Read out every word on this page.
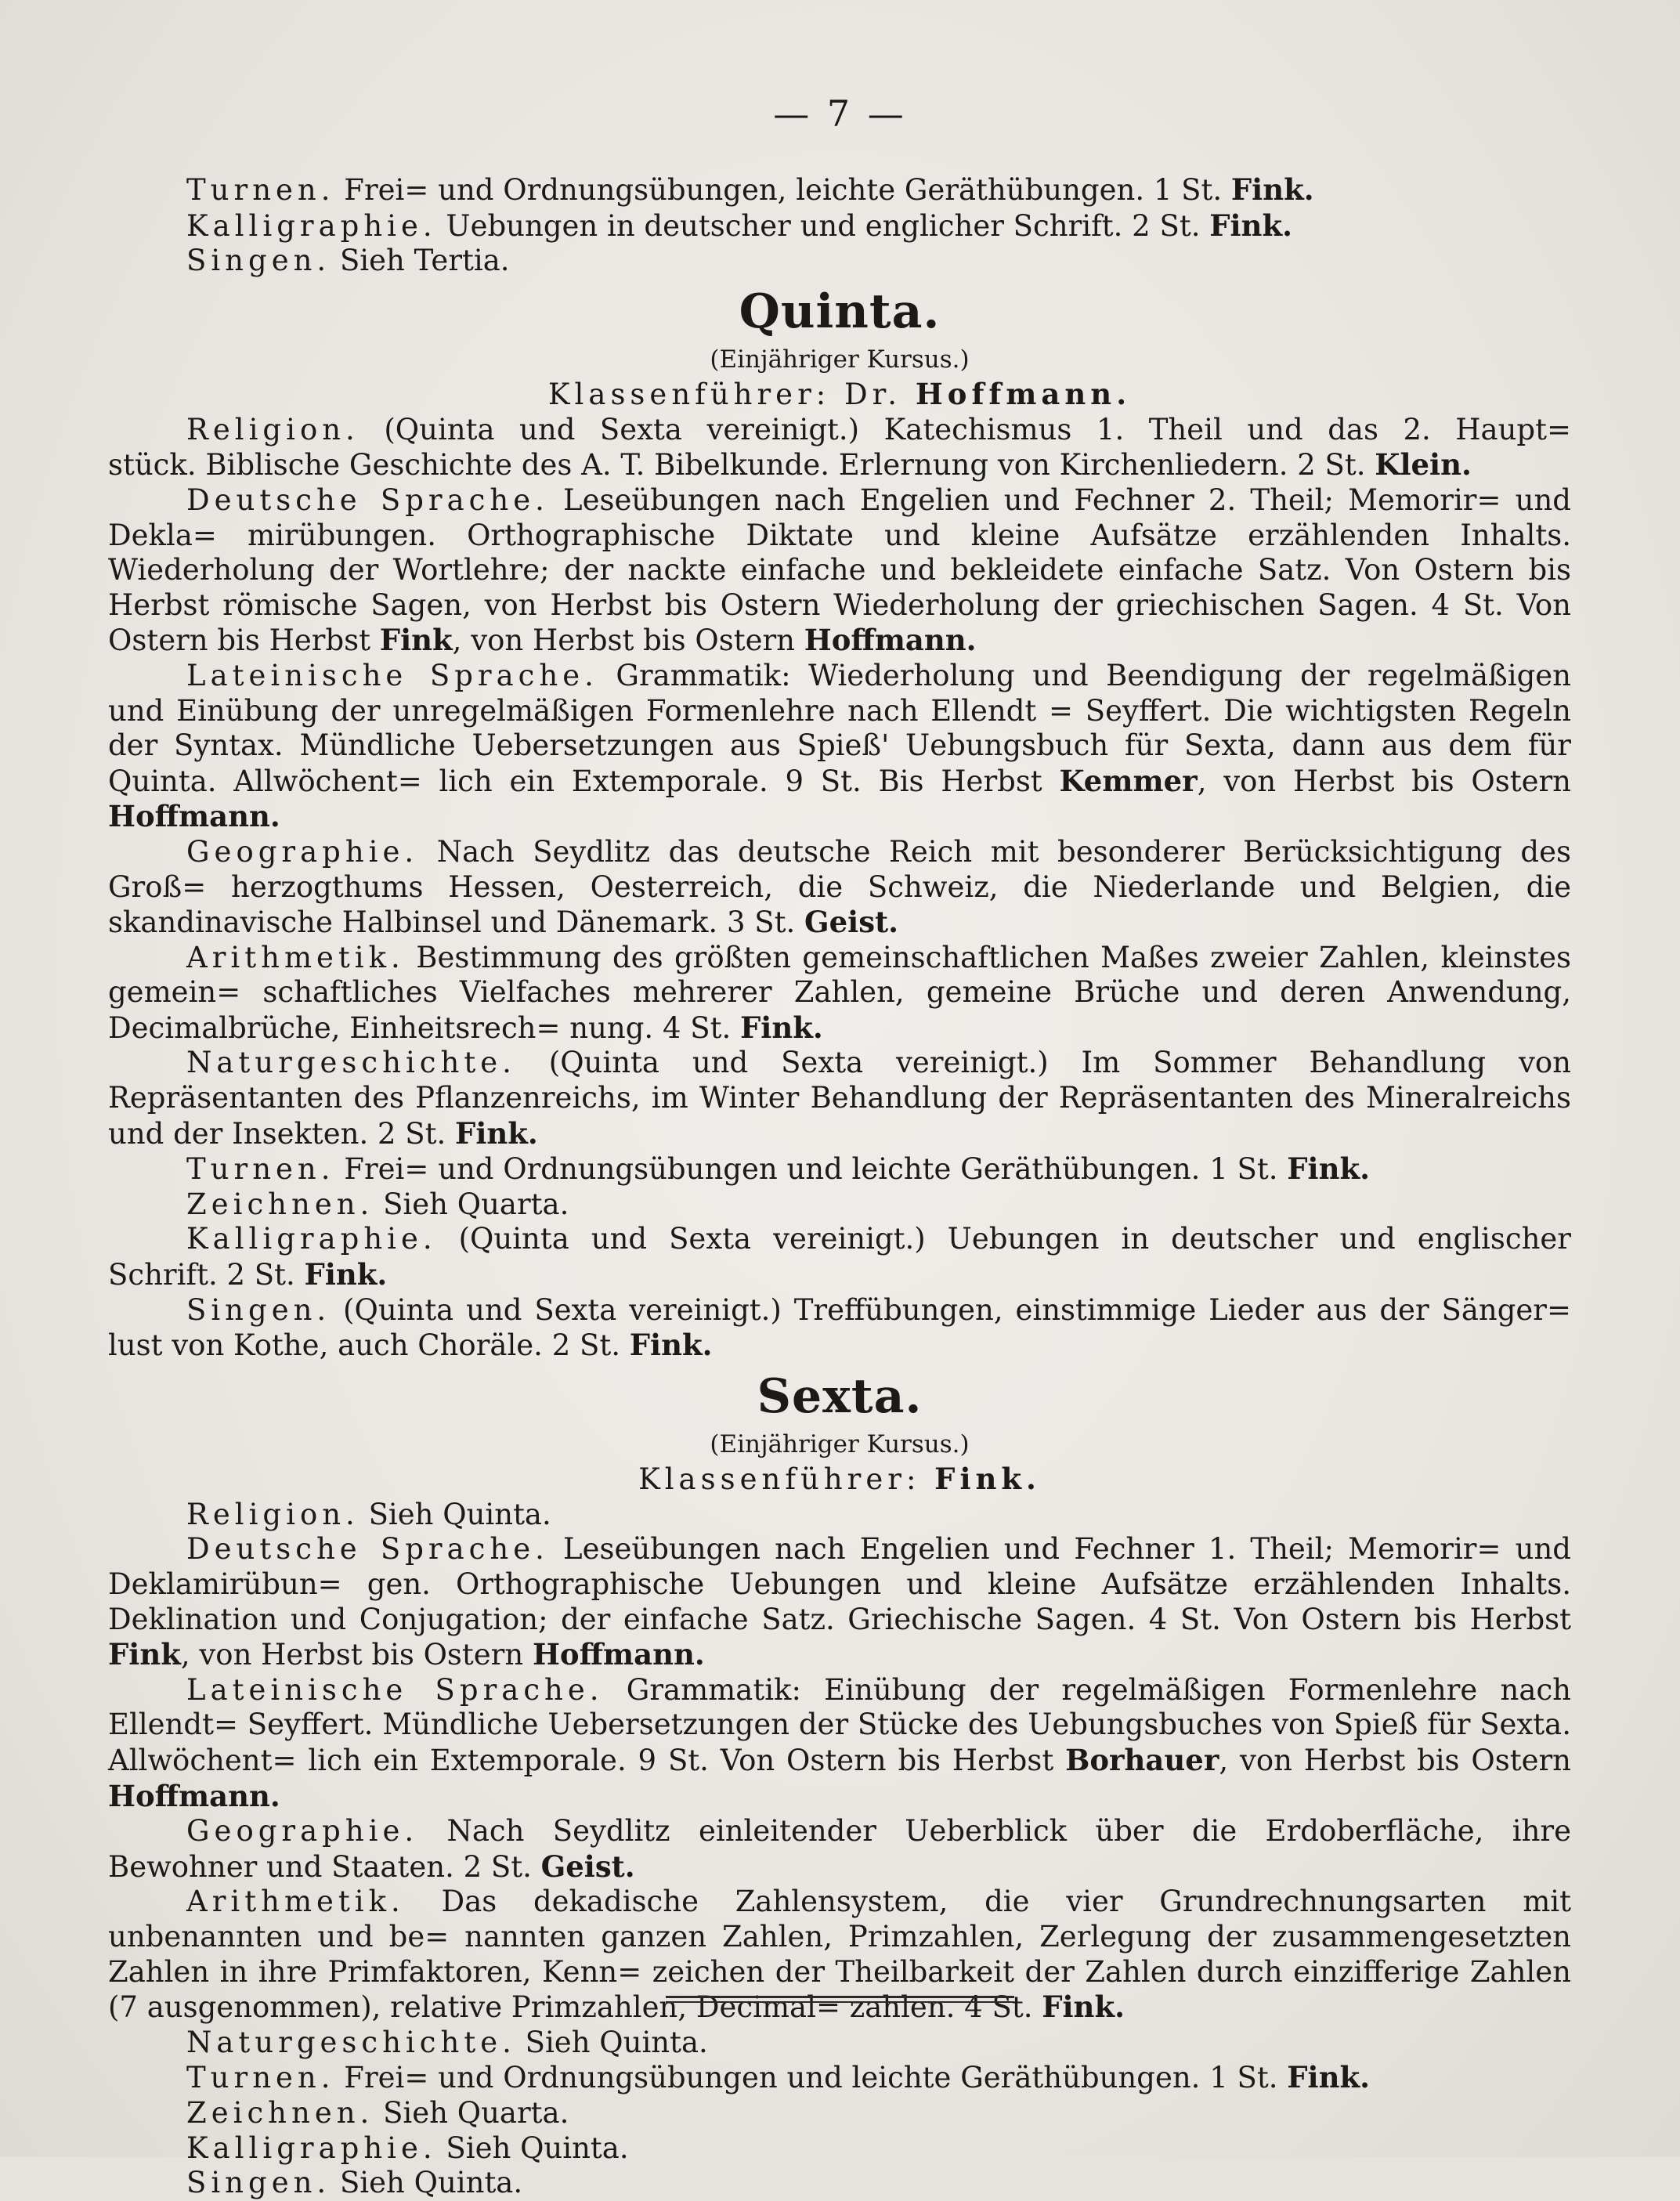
— 7 —

Turnen. Frei= und Ordnungsübungen, leichte Geräthübungen. 1 St. Fink.

Kalligraphie. Uebungen in deutscher und englicher Schrift. 2 St. Fink.

Singen. Sieh Tertia.

Quinta.
(Einjähriger Kursus.)
Klassenführer: Dr. Hoffmann.

Religion. (Quinta und Sexta vereinigt.) Katechismus 1. Theil und das 2. Haupt=

stück. Biblische Geschichte des A. T. Bibelkunde. Erlernung von Kirchenliedern. 2 St. Klein.

Deutsche Sprache. Leseübungen nach Engelien und Fechner 2. Theil; Memorir= und Dekla= mirübungen. Orthographische Diktate und kleine Aufsätze erzählenden Inhalts. Wiederholung der Wortlehre; der nackte einfache und bekleidete einfache Satz. Von Ostern bis Herbst römische Sagen, von Herbst bis Ostern Wiederholung der griechischen Sagen. 4 St. Von Ostern bis Herbst Fink, von Herbst bis Ostern Hoffmann.

Lateinische Sprache. Grammatik: Wiederholung und Beendigung der regelmäßigen und Einübung der unregelmäßigen Formenlehre nach Ellendt = Seyffert. Die wichtigsten Regeln der Syntax. Mündliche Uebersetzungen aus Spieß' Uebungsbuch für Sexta, dann aus dem für Quinta. Allwöchent= lich ein Extemporale. 9 St. Bis Herbst Kemmer, von Herbst bis Ostern Hoffmann.

Geographie. Nach Seydlitz das deutsche Reich mit besonderer Berücksichtigung des Groß= herzogthums Hessen, Oesterreich, die Schweiz, die Niederlande und Belgien, die skandinavische Halbinsel und Dänemark. 3 St. Geist.

Arithmetik. Bestimmung des größten gemeinschaftlichen Maßes zweier Zahlen, kleinstes gemein= schaftliches Vielfaches mehrerer Zahlen, gemeine Brüche und deren Anwendung, Decimalbrüche, Einheitsrech= nung. 4 St. Fink.

Naturgeschichte. (Quinta und Sexta vereinigt.) Im Sommer Behandlung von Repräsentanten des Pflanzenreichs, im Winter Behandlung der Repräsentanten des Mineralreichs und der Insekten. 2 St. Fink.

Turnen. Frei= und Ordnungsübungen und leichte Geräthübungen. 1 St. Fink.

Zeichnen. Sieh Quarta.

Kalligraphie. (Quinta und Sexta vereinigt.) Uebungen in deutscher und englischer Schrift. 2 St. Fink.

Singen. (Quinta und Sexta vereinigt.) Treffübungen, einstimmige Lieder aus der Sänger= lust von Kothe, auch Choräle. 2 St. Fink.

Sexta.
(Einjähriger Kursus.)
Klassenführer: Fink.

Religion. Sieh Quinta.

Deutsche Sprache. Leseübungen nach Engelien und Fechner 1. Theil; Memorir= und Deklamirübun= gen. Orthographische Uebungen und kleine Aufsätze erzählenden Inhalts. Deklination und Conjugation; der einfache Satz. Griechische Sagen. 4 St. Von Ostern bis Herbst Fink, von Herbst bis Ostern Hoffmann.

Lateinische Sprache. Grammatik: Einübung der regelmäßigen Formenlehre nach Ellendt= Seyffert. Mündliche Uebersetzungen der Stücke des Uebungsbuches von Spieß für Sexta. Allwöchent= lich ein Extemporale. 9 St. Von Ostern bis Herbst Borhauer, von Herbst bis Ostern Hoffmann.

Geographie. Nach Seydlitz einleitender Ueberblick über die Erdoberfläche, ihre Bewohner und Staaten. 2 St. Geist.

Arithmetik. Das dekadische Zahlensystem, die vier Grundrechnungsarten mit unbenannten und be= nannten ganzen Zahlen, Primzahlen, Zerlegung der zusammengesetzten Zahlen in ihre Primfaktoren, Kenn= zeichen der Theilbarkeit der Zahlen durch einzifferige Zahlen (7 ausgenommen), relative Primzahlen, Decimal= zahlen. 4 St. Fink.

Naturgeschichte. Sieh Quinta.

Turnen. Frei= und Ordnungsübungen und leichte Geräthübungen. 1 St. Fink.

Zeichnen. Sieh Quarta.

Kalligraphie. Sieh Quinta.

Singen. Sieh Quinta.
